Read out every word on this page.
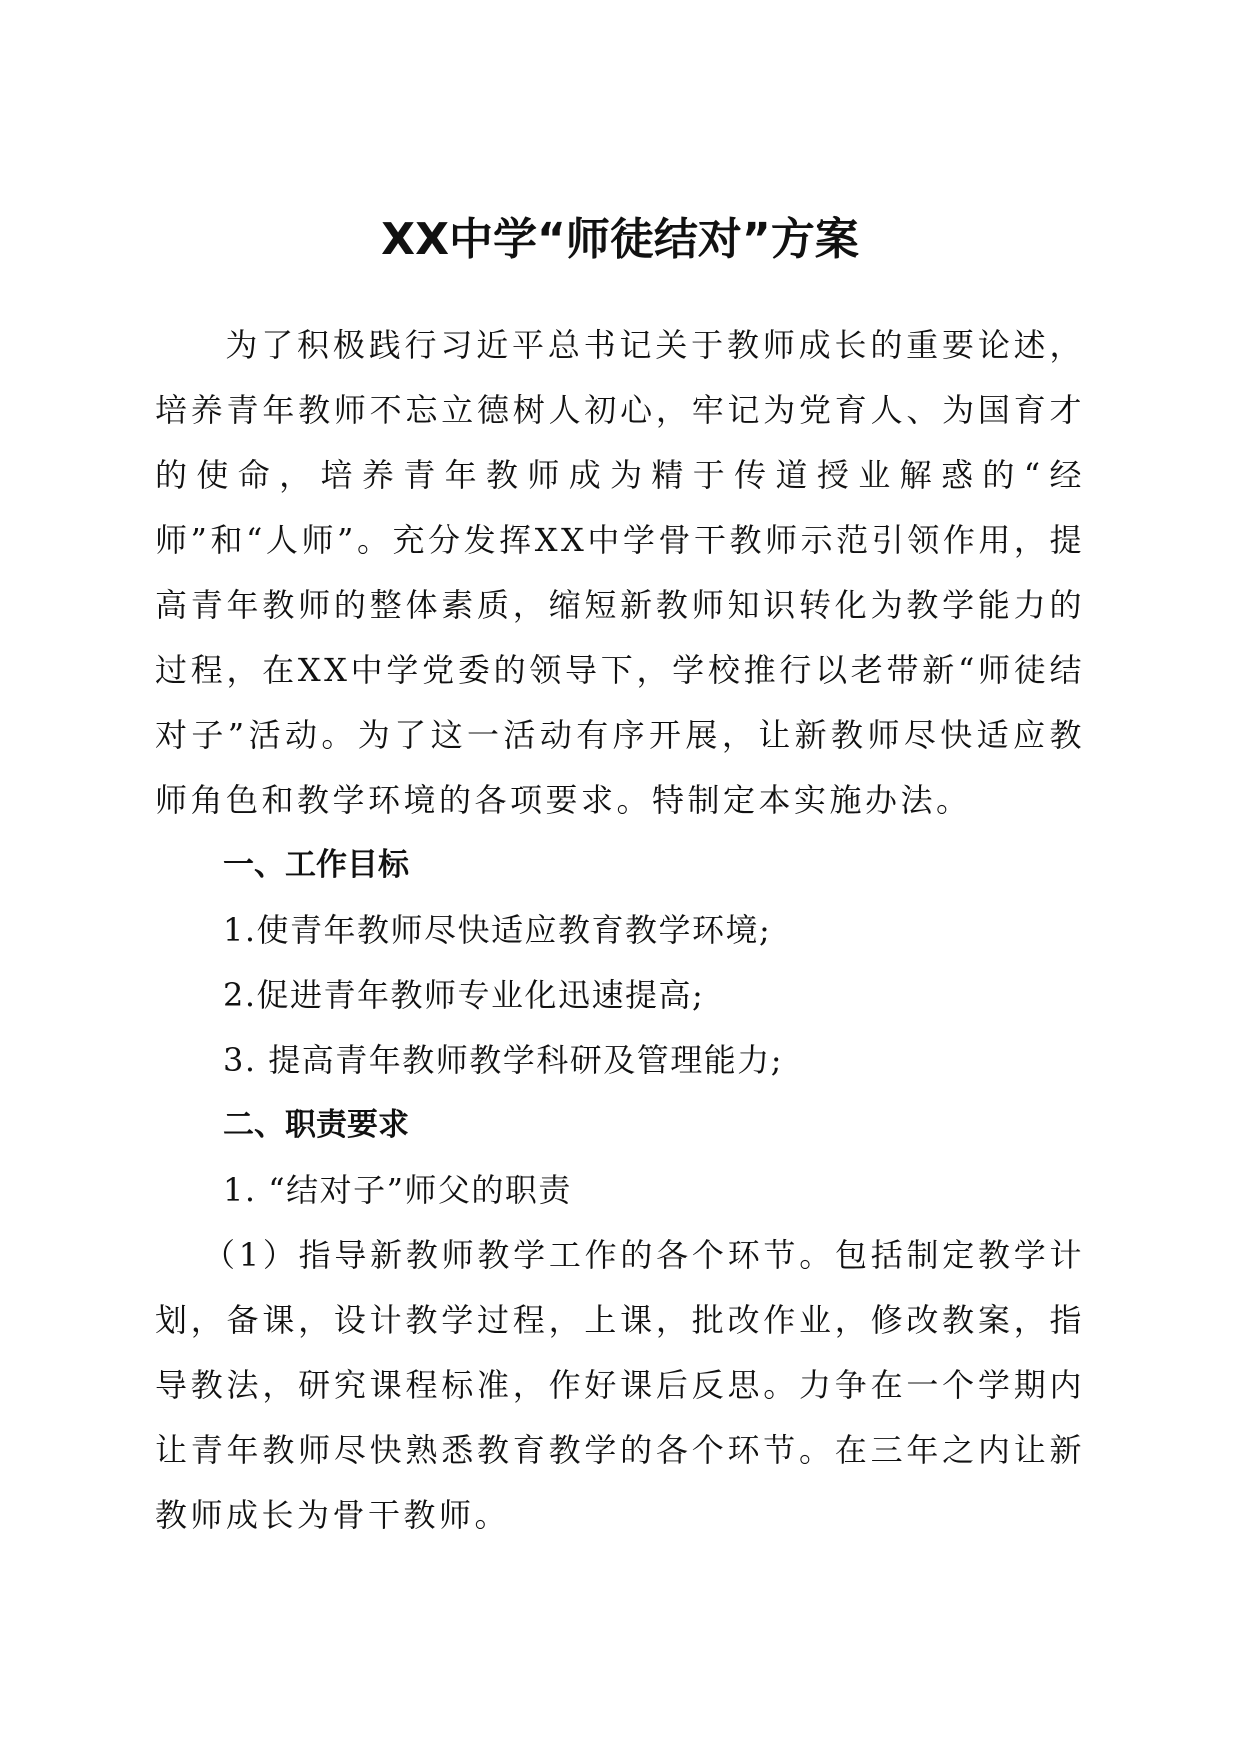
XX中学“师徒结对”方案

为了积极践行习近平总书记关于教师成长的重要论述，培养青年教师不忘立德树人初心，牢记为党育人、为国育才的使命，培养青年教师成为精于传道授业解惑的“经师”和“人师”。充分发挥XX中学骨干教师示范引领作用，提高青年教师的整体素质，缩短新教师知识转化为教学能力的过程，在XX中学党委的领导下，学校推行以老带新“师徒结对子”活动。为了这一活动有序开展，让新教师尽快适应教师角色和教学环境的各项要求。特制定本实施办法。

一、工作目标

1.使青年教师尽快适应教育教学环境;

2.促进青年教师专业化迅速提高;

3. 提高青年教师教学科研及管理能力;

二、职责要求

1. “结对子”师父的职责

（1）指导新教师教学工作的各个环节。包括制定教学计划，备课，设计教学过程，上课，批改作业，修改教案，指导教法，研究课程标准，作好课后反思。力争在一个学期内让青年教师尽快熟悉教育教学的各个环节。在三年之内让新教师成长为骨干教师。
